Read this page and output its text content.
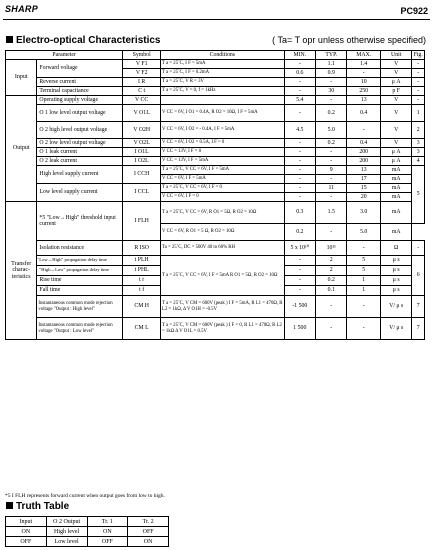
SHARP	PC922
Electro-optical Characteristics	( Ta= T opr unless otherwise specified)
Parameter		Symbol	Conditions	MIN.	TYP.	MAX.	Unit	Fig.
Input	Forward voltage	V F1	T a = 25˚C, I F = 5mA	-	1.1	1.4	V	-
		V F2	T a = 25˚C, I F = 0.2mA	0.6	0.9	-	V	-
	Reverse current	I R	T a = 25˚C, V R = 3V	-	-	10	μ A	-
	Terminal capacitance	C t	T a = 25˚C, V = 0, f = 1kHz	-	30	250	p F	-

Output	Operating supply voltage	V CC		5.4	-	13	V	-
	O 1 low level output voltage	V O1L	V CC = 6V, I O1 = 0.4A, R O2 = 10Ω, I F = 5mA	-	0.2	0.4	V	1
	O 2 high level output voltage	V O2H	V CC = 6V, I O2 = - 0.4A, I F = 5mA	4.5	5.0	-	V	2
	O 2 low level output voltage	V O2L	V CC = 6V, I O2 = 0.5A, I F = 0	-	0.2	0.4	V	3
	O 1 leak current	I O1L	V CC = 13V, I F = 0	-	-	200	μ A	3
	O 2 leak current	I O2L	V CC = 13V, I F = 5mA	-	-	200	μ A	4
	High level supply current	I CCH	T a = 25˚C, V CC = 6V, I F = 5mA	-	9	13	mA	5
			V CC = 6V, I F = 5mA	-	-	17	mA	
	Low level supply current	I CCL	T a = 25˚C, V CC = 6V, I F = 0	-	11	15	mA	
			V CC = 6V, I F = 0	-	-	20	mA	

Transfer charac-teristics	*5 "Low→High" threshold input current	I FLH	T a = 25˚C, V CC = 6V, R O1 = 5Ω, R O2 = 10Ω	0.3	1.5	3.0	mA	
			V CC = 6V, R O1 = 5 Ω, R O2 = 10Ω	0.2	-	5.0	mA	
	Isolation resistance	R ISO	Ta = 25˚C, DC = 500V 40 to 60% RH	5 x 10¹⁰	10¹¹	-	Ω	-

	"Low→High" propagation delay time	t PLH	T a = 25˚C, V CC = 6V, I F = 5mA R O1 = 5Ω, R O2 = 10Ω	-	2	5	μ s	6
	"High→Low" propagation delay time	t PHL		-	2	5	μ s	
	Rise time	t r		-	0.2	1	μ s	
	Fall time	t f		-	0.1	1	μ s	
	Instantaneous common mode rejection voltage "Output : High level"	CM H	T a = 25˚C, V CM = 600V (peak ) I F = 5mA, R L1 = 470Ω, R L2 = 1kΩ, Δ V O1H = -0.5V	-1 500	-	-	V/ μ s	7
	Instantaneous common mode rejection voltage "Output : Low level"	CM L	T a = 25˚C, V CM = 600V (peak ) I F = 0, R L1 = 470Ω, R L2 = 1kΩ Δ V O1L = 0.5V	1 500	-	-	V/ μ s	7

*5 I FLH represents forward current when output goes from low to high.
Truth Table
Input	O 2 Output	Tr. 1	Tr. 2
ON	High level	ON	OFF
OFF	Low level	OFF	ON
